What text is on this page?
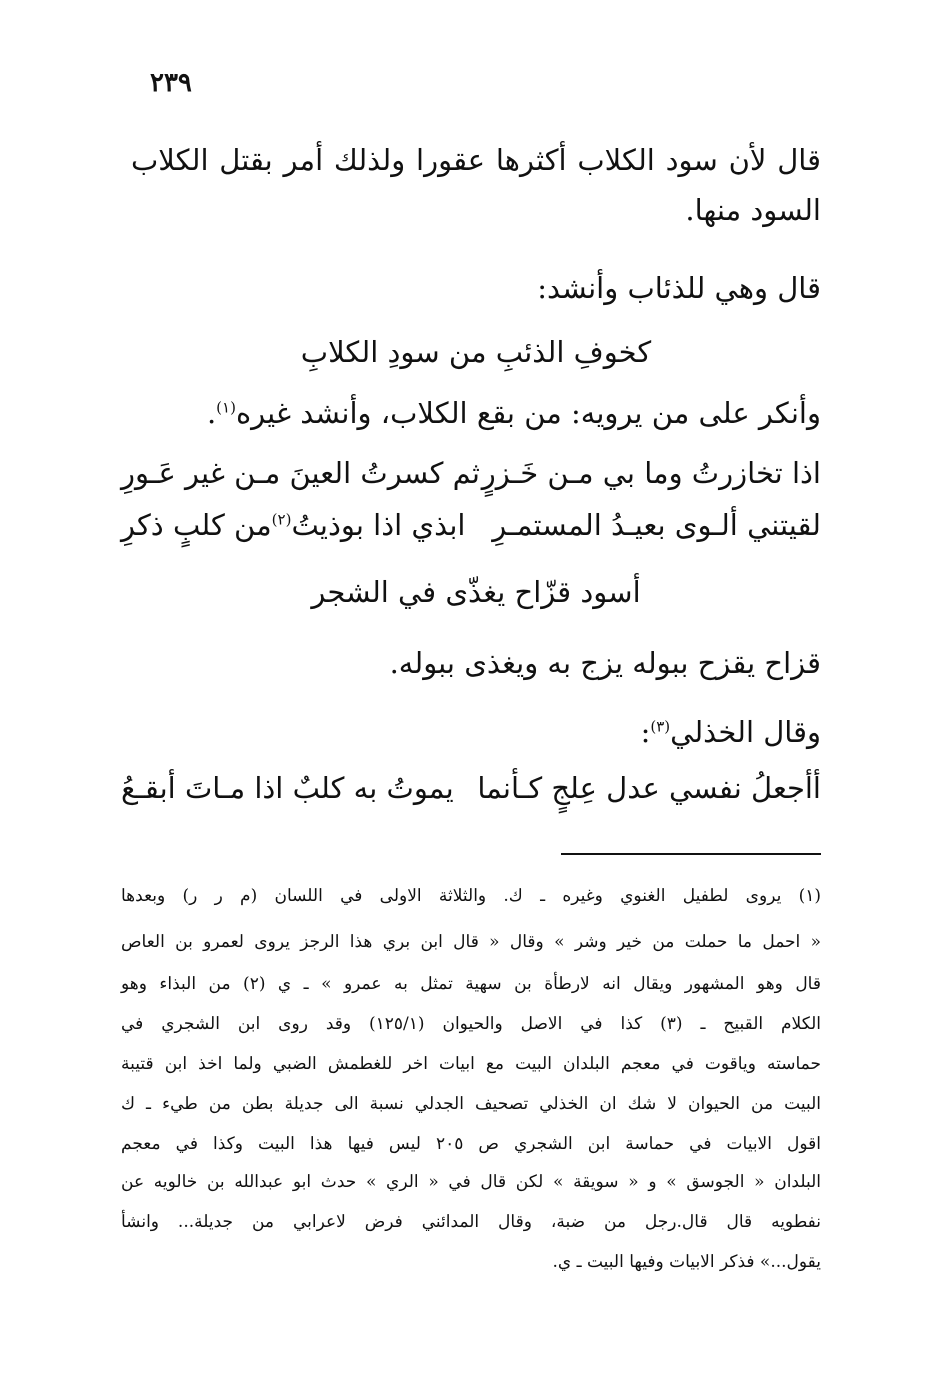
٢٣٩
قال لأن سود الكلاب أكثرها عقورا ولذلك أمر بقتل الكلاب
السود منها.
قال وهي للذئاب وأنشد:
كخوفِ الذئبِ من سودِ الكلابِ
وأنكر على من يرويه: من بقع الكلاب، وأنشد غيره$^{(١)}$.
اذا تخازرتُ وما بي مـن خَـزرٍ
ثم كسرتُ العينَ مـن غير عَـورِ
لقيتني ألـوى بعيـدُ المستمـرِ
ابذي اذا بوذيتُ$^{(٢)}$من كلبٍ ذكرِ
أسود قزّاح يغذّى في الشجر
قزاح يقزح ببوله يزج به ويغذى ببوله.
وقال الخذلي$^{(٣)}$:
أأجعلُ نفسي عدل عِلجٍ كـأنما
يموتُ به كلبٌ اذا مـاتَ أبقـعُ
(١) يروى لطفيل الغنوي وغيره ـ ك. والثلاثة الاولى في اللسان (م ر ر) وبعدها
« احمل ما حملت من خير وشر » وقال « قال ابن بري هذا الرجز يروى لعمرو بن العاص
قال وهو المشهور ويقال انه لارطأة بن سهية تمثل به عمرو » ـ ي (٢) من البذاء وهو
الكلام القبيح ـ (٣) كذا في الاصل والحيوان (١٢٥/١) وقد روى ابن الشجري في
حماسته وياقوت في معجم البلدان البيت مع ابيات اخر للغطمش الضبي ولما اخذ ابن قتيبة
البيت من الحيوان لا شك ان الخذلي تصحيف الجدلي نسبة الى جديلة بطن من طيء ـ ك
اقول الابيات في حماسة ابن الشجري ص ٢٠٥ ليس فيها هذا البيت وكذا في معجم
البلدان « الجوسق » و « سويقة » لكن قال في « الري » حدث ابو عبدالله بن خالويه عن
نفطويه قال قال.رجل من ضبة، وقال المدائني فرض لاعرابي من جديلة... وانشأ
يقول...» فذكر الابيات وفيها البيت ـ ي.
